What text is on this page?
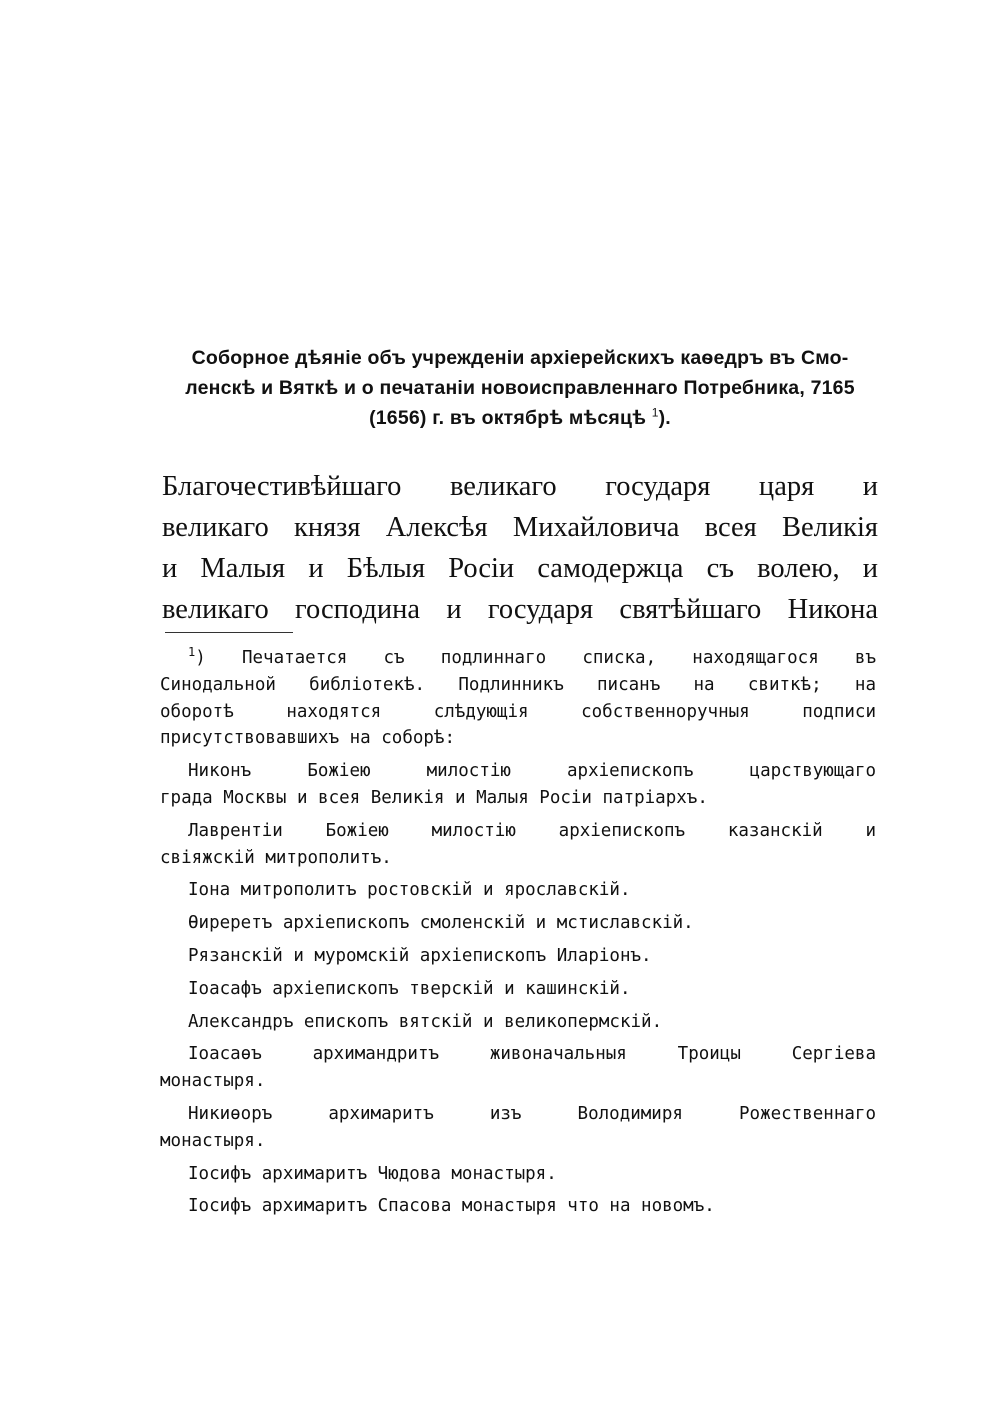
Соборное дѣяніе объ учрежденіи архіерейскихъ каѳедръ въ Смо-
ленскѣ и Вяткѣ и о печатаніи новоисправленнаго Потребника, 7165
(1656) г. въ октябрѣ мѣсяцѣ $^1$).
Благочестивѣйшаго великаго государя царя и
великаго князя Алексѣя Михайловича всея Великія
и Малыя и Бѣлыя Росіи самодержца съ волею, и
великаго господина и государя святѣйшаго Никона
$^1$) Печатается съ подлиннаго списка, находящагося въ
Синодальной библіотекѣ. Подлинникъ писанъ на свиткѣ; на
оборотѣ находятся слѣдующія собственноручныя подписи
присутствовавшихъ на соборѣ:
Никонъ Божіею милостію архіепископъ царствующаго
града Москвы и всея Великія и Малыя Росіи патріархъ.
Лаврентіи Божіею милостію архіепископъ казанскій и
свіяжскій митрополитъ.
Іона митрополитъ ростовскій и ярославскій.
Ѳиреретъ архіепископъ смоленскій и мстиславскій.
Рязанскій и муромскій архіепископъ Иларіонъ.
Іоасафъ архіепископъ тверскій и кашинскій.
Александръ епископъ вятскій и великопермскій.
Іоасаѳъ архимандритъ живоначальныя Троицы Сергіева
монастыря.
Никиѳоръ архимаритъ изъ Володимиря Рожественнаго
монастыря.
Іосифъ архимаритъ Чюдова монастыря.
Іосифъ архимаритъ Спасова монастыря что на новомъ.
